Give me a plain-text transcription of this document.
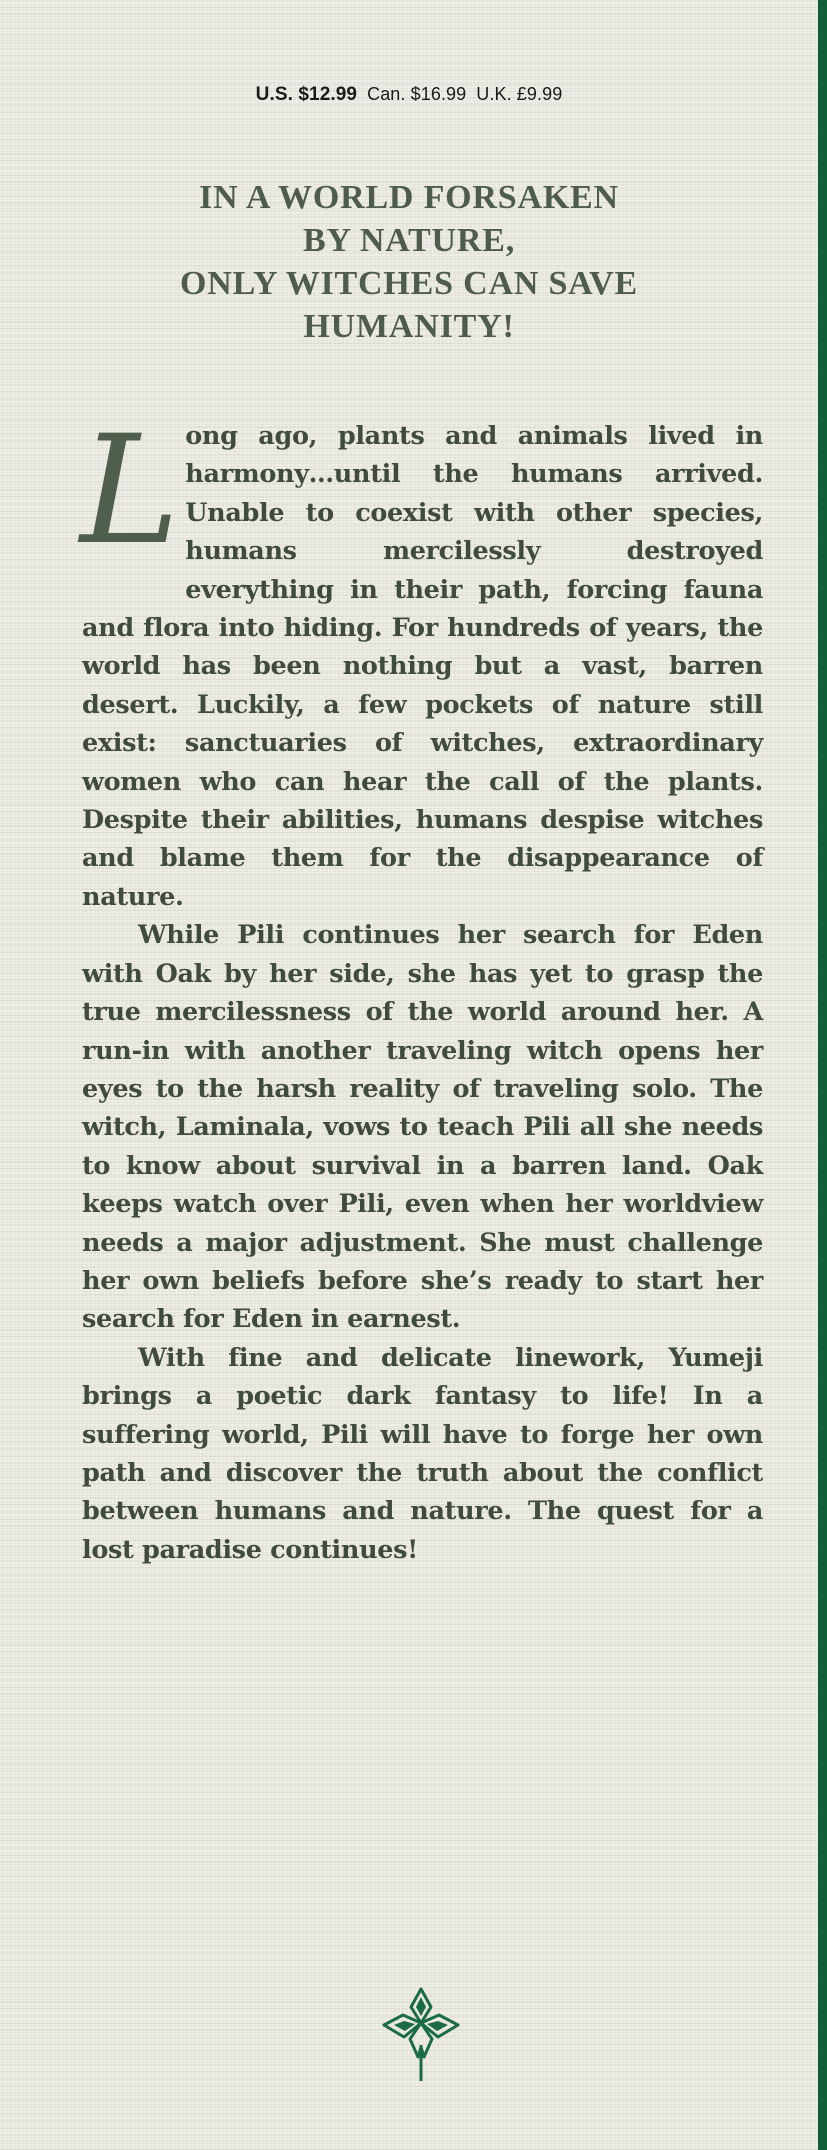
U.S. $12.99 Can. $16.99 U.K. £9.99
IN A WORLD FORSAKEN
BY NATURE,
ONLY WITCHES CAN SAVE
HUMANITY!

Long ago, plants and animals lived in harmony…until the humans arrived. Unable to coexist with other species, humans mercilessly destroyed everything in their path, forcing fauna and flora into hiding. For hundreds of years, the world has been nothing but a vast, barren desert. Luckily, a few pockets of nature still exist: sanctuaries of witches, extraordinary women who can hear the call of the plants. Despite their abilities, humans despise witches and blame them for the disappearance of nature.

While Pili continues her search for Eden with Oak by her side, she has yet to grasp the true mercilessness of the world around her. A run-in with another traveling witch opens her eyes to the harsh reality of traveling solo. The witch, Laminala, vows to teach Pili all she needs to know about survival in a barren land. Oak keeps watch over Pili, even when her worldview needs a major adjustment. She must challenge her own beliefs before she’s ready to start her search for Eden in earnest.

With fine and delicate linework, Yumeji brings a poetic dark fantasy to life! In a suffering world, Pili will have to forge her own path and discover the truth about the conflict between humans and nature. The quest for a lost paradise continues!
